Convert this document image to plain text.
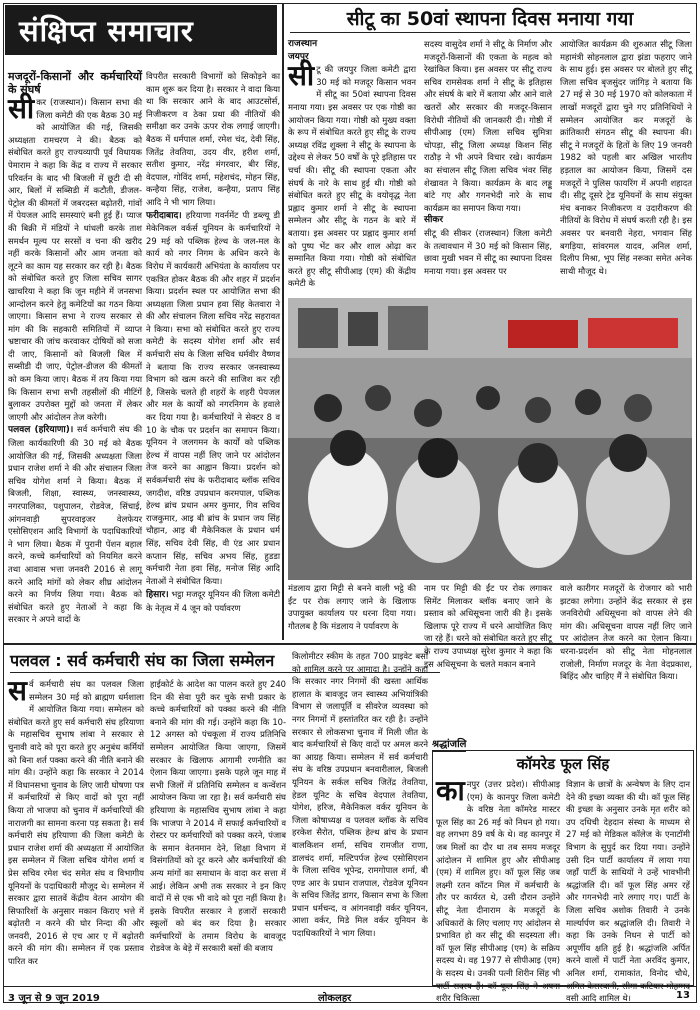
संक्षिप्त समाचार
मजदूरों-किसानों और कर्मचारियों के संघर्ष
सी कर (राजस्थान)। किसान सभा की जिला कमेटी की एक बैठक 30 मई को आयोजित की गई, जिसकी अध्यक्षता रामचरण ने की। बैठक को संबोधित करते हुए राज्यव्यापी पूर्व विधायक पेमाराम ने कहा कि केंद्र व राज्य में सरकार परिवर्तन के बाद भी बिजली में छूटी दी सी आर, बिलों में सब्सिडी में कटौती, डीजल-पेट्रोल की कीमतों में जबरदस्त बढ़ोतरी, गांवों में पेयजल आदि समस्याएं बनी हुई हैं। प्याज की बिक्री में मंडियों ने धांधली करके ताश समर्थन मूल्य पर सरसों व चना की खरीद नहीं करके किसानों और आम जनता को लूटने का काम यह सरकार कर रही है। बैठक को संबोधित करते हुए जिला सचिव सागर खाचरिया ने कहा कि जून महीने में जनसभा आन्दोलन करने हेतु कमेटियों का गठन किया जाएगा। किसान सभा ने राज्य सरकार से मांग की कि सहकारी समितियों में व्याप्त भ्रष्टाचार की जांच करवाकर दोषियों को सजा दी जाए, किसानों को बिजली बिल में सब्सीडी दी जाए, पेट्रोल-डीजल की कीमतों को कम किया जाए। बैठक में तय किया गया कि किसान सभा सभी तहसीलों की मीटिंगें बुलाकर उपरोक्त मुद्दों को जनता में लेकर जाएगी और आंदोलन तेज करेगी।

पलवल (हरियाणा)। सर्व कर्मचारी संघ की जिला कार्यकारिणी की 30 मई को बैठक आयोजित की गई, जिसकी अध्यक्षता जिला प्रधान राजेश शर्मा ने की और संचालन जिला सचिव योगेश शर्मा ने किया। बैठक में बिजली, शिक्षा, स्वास्थ्य, जनस्वास्थ्य, नगरपालिका, पशुपालन, रोडवेज, सिंचाई, आंगनवाड़ी सुपरवाइजर वेलफेयर एसोसिएशन आदि विभागों के पदाधिकारियों ने भाग लिया। बैठक में पुरानी पेंशन बहाल करने, कच्चे कर्मचारियों को नियमित करने तथा आवास भत्ता जनवरी 2016 से लागू करने आदि मांगों को लेकर शीघ्र आंदोलन करने का निर्णय लिया गया। बैठक को संबोधित करते हुए नेताओं ने कहा कि सरकार ने अपने वादों के

विपरीत सरकारी विभागों को सिकोड़ने का काम शुरू कर दिया है। सरकार ने वादा किया था कि सरकार आने के बाद आउटसोर्स, निजीकरण व ठेका प्रथा की नीतियों की समीक्षा कर उनके ऊपर रोक लगाई जाएगी। बैठक में धर्मपाल शर्मा, रमेश चंद, देवी सिंह, जितेंद्र तेवतिया, उदय वीर, हरीश शर्मा, सतीश कुमार, नरेंद्र मंगरवार, बीर सिंह, वेदपाल, गोविंद शर्मा, महेशचंद, मोहन सिंह, कन्हैया सिंह, राजेश, कन्हैया, प्रताप सिंह आदि ने भी भाग लिया।

फरीदाबाद। हरियाणा गवर्नमेंट पी डब्ल्यू डी मेकेनिकल वर्कर्स यूनियन के कर्मचारियों ने 29 मई को पब्लिक हेल्थ के जल-मल के कार्य को नगर निगम के अधिन करने के विरोध में कार्यकारी अभियंता के कार्यालय पर एकत्रित होकर बैठक की और शहर में प्रदर्शन किया। प्रदर्शन स्थल पर आयोजित सभा की अध्यक्षता जिला प्रधान हवा सिंह केतवारा ने की और संचालन जिला सचिव नरेंद्र सहरावत ने किया। सभा को संबोधित करते हुए राज्य कमेटी के सदस्य योगेश शर्मा और सर्व कर्मचारी संघ के जिला सचिव धर्मवीर वैष्णव ने बताया कि राज्य सरकार जनस्वास्थ्य विभाग को खत्म करने की साजिश कर रही है, जिसके चलते ही शहरों के शहरी पेयजल और मल के कार्यों को नगरनिगम के हवाले कर दिया गया है। कर्मचारियों ने सेक्टर 8 व 10 के चौक पर प्रदर्शन का समापन किया। यूनियन ने जलगमन के कार्यों को पब्लिक हेल्थ में वापस नहीं लिए जाने पर आंदोलन तेज करने का आह्वान किया। प्रदर्शन को सर्वकर्मचारी संघ के फरीदाबाद ब्लॉक सचिव जगदीश, वरिष्ठ उपप्रधान करमपाल, पब्लिक हेल्थ ब्रांच प्रधान अमर कुमार, गिव सचिव राजकुमार, आइ बी ब्रांच के प्रधान जय सिंह चौहान, आइ बी मैकेनिकल के प्रधान धर्म सिंह, सचिव देवी सिंह, वी एंड आर प्रधान कप्तान सिंह, सचिव अभय सिंह, हुडडा कर्मचारी नेता हवा सिंह, मनोज सिंह आदि नेताओं ने संबोधित किया।

हिसार। भट्ठा मजदूर यूनियन की जिला कमेटी के नेतृत्व में 4 जून को पर्यावरण

सीटू का 50वां स्थापना दिवस मनाया गया
राजस्थान
जयपुर
सी टू की जयपुर जिला कमेटी द्वारा 30 मई को मजदूर किसान भवन में सीटू का 50वां स्थापना दिवस मनाया गया। इस अवसर पर एक गोष्ठी का आयोजन किया गया। गोष्ठी को मुख्य वक्ता के रूप में संबोधित करते हुए सीटू के राज्य अध्यक्ष रविंद्र शुक्ला ने सीटू के स्थापना के उद्देश्य से लेकर 50 वर्षों के पूरे इतिहास पर चर्चा की। सीटू की स्थापना एकता और संघर्ष के नारे के साथ हुई थी। गोष्ठी को संबोधित करते हुए सीटू के वयोवृद्ध नेता प्रह्लाद कुमार शर्मा ने सीटू के स्थापना सम्मेलन और सीटू के गठन के बारे में बताया। इस अवसर पर प्रह्लाद कुमार शर्मा को पुष्प भेंट कर और शाल ओढ़ा कर सम्मानित किया गया। गोष्ठी को संबोधित करते हुए सीटू सीपीआइ (एम) की केंद्रीय कमेटी के
सदस्य वासुदेव शर्मा ने सीटू के निर्माण और मजदूरों-किसानों की एकता के महत्व को रेखांकित किया। इस अवसर पर सीटू राज्य सचिव रामसेवक शर्मा ने सीटू के इतिहास और संघर्ष के बारे में बताया और आने वाले खतरों और सरकार की मजदूर-किसान विरोधी नीतियों की जानकारी दी। गोष्ठी में सीपीआइ (एम) जिला सचिव सुमित्रा चोपड़ा, सीटू जिला अध्यक्ष किशन सिंह राठौड़ ने भी अपने विचार रखे। कार्यक्रम का संचालन सीटू जिला सचिव भंवर सिंह शेखावत ने किया। कार्यक्रम के बाद लड्डू बांटे गए और गगनभेदी नारे के साथ कार्यक्रम का समापन किया गया।
सीकर
सीटू की सीकर (राजस्थान) जिला कमेटी के तत्वावधान में 30 मई को किसान सिंह, छावा मुखी भवन में सीटू का स्थापना दिवस मनाया गया। इस अवसर पर
आयोजित कार्यक्रम की शुरुआत सीटू जिला महामंत्री सोहनलाल द्वारा झंडा फहराए जाने के साथ हुई। इस अवसर पर बोलते हुए सीटू जिला सचिव बृजसुंदर जांगिड़ ने बताया कि 27 मई से 30 मई 1970 को कोलकाता में लाखों मजदूरों द्वारा चुने गए प्रतिनिधियों ने सम्मेलन आयोजित कर मजदूरों के क्रांतिकारी संगठन सीटू की स्थापना की। सीटू ने मजदूरों के हितों के लिए 19 जनवरी 1982 को पहली बार अखिल भारतीय हड़ताल का आयोजन किया, जिसमें दस मजदूरों ने पुलिस फायरिंग में अपनी शहादत दी। सीटू दूसरे ट्रेड यूनियनों के साथ संयुक्त मंच बनाकर निजीकरण व उदारीकरण की नीतियों के विरोध में संघर्ष करती रही है। इस अवसर पर बनवारी नेहरा, भगवान सिंह बगड़िया, सांवरमल यादव, अनिल शर्मा, दिलीप मिश्रा, भूप सिंह नरूका समेत अनेक साथी मौजूद थे।
मंडलाय द्वारा मिट्टी से बनने वाली भट्ठे की ईंट पर रोक लगाए जाने के खिलाफ उपायुक्त कार्यालय पर धरना दिया गया। गौतलब है कि मंडलाय ने पर्यावरण के
नाम पर मिट्टी की ईंट पर रोक लगाकर सिमेंट मिलाकर ब्लॉक बनाए जाने के प्रस्ताव को अधिसूचना जारी की है। इसके खिलाफ पूरे राज्य में धरने आयोजित किए जा रहे हैं। धरने को संबोधित करते हुए सीटू के राज्य उपाध्यक्ष सुरेश कुमार ने कहा कि इस अधिसूचना के चलते मकान बनाने
वाले कारीगर मजदूरों के रोजगार को भारी झटका लगेगा। उन्होंने केंद्र सरकार से इस जनविरोधी अधिसूचना को वापस लेने की मांग की। अधिसूचना वापस नहीं लिए जाने पर आंदोलन तेज करने का ऐलान किया। धरना-प्रदर्शन को सीटू नेता मोहनलाल राजोली, निर्माण मजदूर के नेता वेदप्रकाश, बिहिंद और चाहिए मैं ने संबोधित किया।
पलवल : सर्व कर्मचारी संघ का जिला सम्मेलन
स र्व कर्मचारी संघ का पलवल जिला सम्मेलन 30 मई को ब्राह्मण धर्मशाला में आयोजित किया गया। सम्मेलन को संबोधित करते हुए सर्व कर्मचारी संघ हरियाणा के महासचिव सुभाष लांबा ने सरकार से चुनावी वादे को पूरा करते हुए अनुबंध कर्मियों को बिना शर्त पक्का करने की नीति बनाने की मांग की। उन्होंने कहा कि सरकार ने 2014 में विधानसभा चुनाव के लिए जारी घोषणा पत्र में कर्मचारियों से किए वादों को पूरा नहीं किया तो भाजपा को चुनाव में कर्मचारियों की नाराजगी का सामना करना पड़ सकता है। सर्व कर्मचारी संघ हरियाणा की जिला कमेटी के प्रधान राजेश शर्मा की अध्यक्षता में आयोजित इस सम्मेलन में जिला सचिव योगेश शर्मा व प्रेस सचिव रमेश चंद समेत संघ व विभागीय यूनियनों के पदाधिकारी मौजूद थे। सम्मेलन में सरकार द्वारा सातवें केंद्रीय वेतन आयोग की सिफारिशों के अनुसार मकान किराए भत्ते में बढ़ोतरी न करने की घोर निन्दा की और जनवरी, 2016 से एच आर ए में बढ़ोतरी करने की मांग की। सम्मेलन में एक प्रस्ताव पारित कर
हाईकोर्ट के आदेश का पालन करते हुए 240 दिन की सेवा पूरी कर चुके सभी प्रकार के कच्चे कर्मचारियों को पक्का करने की नीति बनाने की मांग की गई। उन्होंने कहा कि 10-12 अगस्त को पंचकूला में राज्य प्रतिनिधि सम्मेलन आयोजित किया जाएगा, जिसमें सरकार के खिलाफ आगामी रणनीति का ऐलान किया जाएगा। इसके पहले जून माह में सभी जिलों में प्रतिनिधि सम्मेलन व कन्वेंशन आयोजन किया जा रहा है। सर्व कर्मचारी संघ हरियाणा के महासचिव सुभाष लांबा ने कहा कि भाजपा ने 2014 में सफाई कर्मचारियों व रोस्टर पर कर्मचारियों को पक्का करने, पंजाब के समान वेतनमान देने, शिक्षा विभाग में विसंगतियों को दूर करने और कर्मचारियों की अन्य मांगों का समाधान के वादा कर सत्ता में आई। लेकिन अभी तक सरकार ने इन किए वादों में से एक भी वादे को पूरा नहीं किया है। इसके विपरीत सरकार ने हजारों सरकारी स्कूलों को बंद कर दिया है। सरकार कर्मचारियों के तमाम विरोध के बावजूद रोडवेज के बेड़े में सरकारी बसों की बजाय
किलोमीटर स्कीम के तहत 700 प्राइवेट बसों को शामिल करने पर आमादा है। उन्होंने कहा कि सरकार नगर निगमों की खस्ता आर्थिक हालात के बावजूद जन स्वास्थ्य अभियांत्रिकी विभाग से जलापूर्ति व सीवरेज व्यवस्था को नगर निगमों में हस्तांतरित कर रही है। उन्होंने सरकार से लोकसभा चुनाव में मिली जीत के बाद कर्मचारियों से किए वादों पर अमल करने का आग्रह किया। सम्मेलन में सर्व कर्मचारी संघ के वरिष्ठ उपप्रधान बनवारीलाल, बिजली यूनियन के सर्कल सचिव जितेंद्र तेवतिया, हेडल यूनिट के सचिव वेदपाल तेवतिया, योगेश, हरिज, मैकेनिकल वर्कर यूनियन के जिला कोषाध्यक्ष व पलवल ब्लॉक के सचिव हरकेश सैरोत, पब्लिक हेल्थ ब्रांच के प्रधान बालकिशन शर्मा, सचिव रामजीत राणा, डालचंद शर्मा, मल्टिपर्पज हेल्थ एसोसिएशन के जिला सचिव भूपेन्द्र, रामगोपाल शर्मा, बी एण्ड आर के प्रधान राजपाल, रोडवेज यूनियन के सचिव जितेंद्र डागर, किसान सभा के जिला प्रधान धर्मचन्द, व आंगनवाड़ी वर्कर यूनियन, आशा वर्कर, मिडे मिल वर्कर यूनियन के पदाधिकारियों ने भाग लिया।
श्रद्धांजलि
कॉमरेड फूल सिंह
का नपुर (उत्तर प्रदेश)। सीपीआइ (एम) के कानपुर जिला कमेटी के वरिष्ठ नेता कॉमरेड मास्टर फूल सिंह का 26 मई को निधन हो गया। वह लगभग 89 वर्ष के थे। वह कानपुर में जब मिलों का दौर था तब समय मजदूर आंदोलन में शामिल हुए और सीपीआइ (एम) में शामिल हुए। कॉ फूल सिंह जब लक्ष्मी रतन कॉटन मिल में कर्मचारी के तौर पर कार्यरत थे, उसी दौरान उन्होंने सीटू नेता दीनाराम के मजदूरों के अधिकारों के लिए चलाए गए आंदोलन से प्रभावित हो कर सीटू की सदस्यता ली। कॉ फूल सिंह सीपीआइ (एम) के सक्रिय सदस्य थे। वह 1977 से सीपीआइ (एम) के सदस्य थे। उनकी पत्नी शिरीन सिंह भी शरीर चिकित्सा
विज्ञान के छात्रों के अन्वेषण के लिए दान देने की इच्छा व्यक्त की थी। कॉ फूल सिंह की इच्छा के अनुसार उनके मृत शरीर को उप दधिची देहदान संस्था के माध्यम से 27 मई को मेडिकल कॉलेज के एनाटॉमी विभाग के सुपुर्द कर दिया गया। उन्होंने उसी दिन पार्टी कार्यालय में लाया गया जहाँ पार्टी के साथियों ने उन्हें भावभीनी श्रद्धांजलि दी। कॉ फूल सिंह अमर रहें और गगनभेदी नारे लगाए गए। पार्टी के जिला सचिव अशोक तिवारी ने उनके मार्ल्यार्पण कर श्रद्धांजलि दी। तिवारी ने कहा कि उनके निधन से पार्टी को अपूर्णीय क्षति हुई है। श्रद्धांजलि अर्पित करने वालों में पार्टी नेता अरविंद कुमार, अनिल शर्मा, रामाकांत, विनोद चौधे, वसी आदि शामिल थे।
3 जून से 9 जून 2019	लोकलहर	13
